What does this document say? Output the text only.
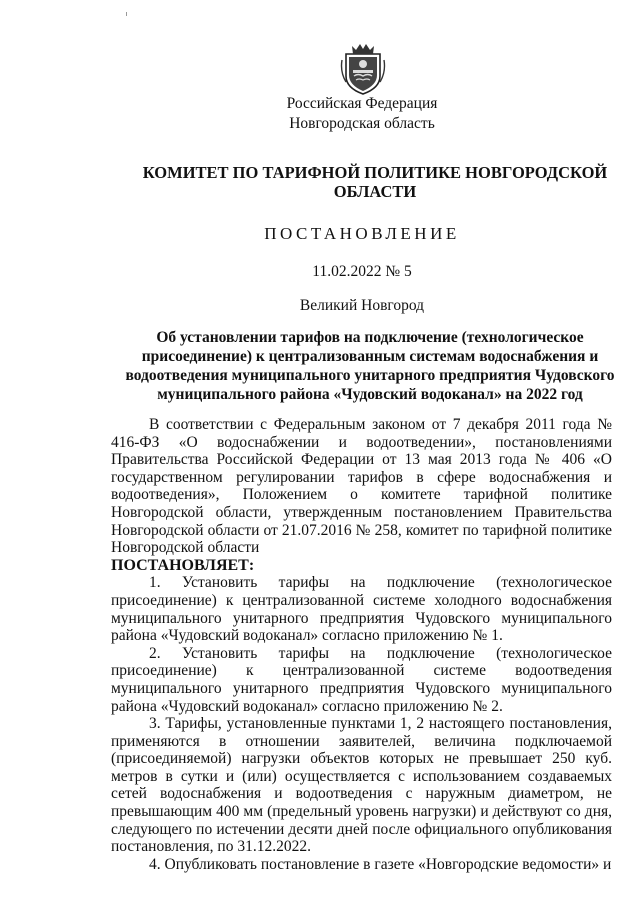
Российская Федерация
Новгородская область
КОМИТЕТ ПО ТАРИФНОЙ ПОЛИТИКЕ НОВГОРОДСКОЙ
ОБЛАСТИ
ПОСТАНОВЛЕНИЕ
11.02.2022 № 5
Великий Новгород
Об установлении тарифов на подключение (технологическое присоединение) к централизованным системам водоснабжения и водоотведения муниципального унитарного предприятия Чудовского муниципального района «Чудовский водоканал» на 2022 год

В соответствии с Федеральным законом от 7 декабря 2011 года № 416-ФЗ «О водоснабжении и водоотведении», постановлениями Правительства Российской Федерации от 13 мая 2013 года № 406 «О государственном регулировании тарифов в сфере водоснабжения и водоотведения», Положением о комитете тарифной политике Новгородской области, утвержденным постановлением Правительства Новгородской области от 21.07.2016 № 258, комитет по тарифной политике Новгородской области

ПОСТАНОВЛЯЕТ:

1. Установить тарифы на подключение (технологическое присоединение) к централизованной системе холодного водоснабжения муниципального унитарного предприятия Чудовского муниципального района «Чудовский водоканал» согласно приложению № 1.

2. Установить тарифы на подключение (технологическое присоединение) к централизованной системе водоотведения муниципального унитарного предприятия Чудовского муниципального района «Чудовский водоканал» согласно приложению № 2.

3. Тарифы, установленные пунктами 1, 2 настоящего постановления, применяются в отношении заявителей, величина подключаемой (присоединяемой) нагрузки объектов которых не превышает 250 куб. метров в сутки и (или) осуществляется с использованием создаваемых сетей водоснабжения и водоотведения с наружным диаметром, не превышающим 400 мм (предельный уровень нагрузки) и действуют со дня, следующего по истечении десяти дней после официального опубликования постановления, по 31.12.2022.

4. Опубликовать постановление в газете «Новгородские ведомости» и
